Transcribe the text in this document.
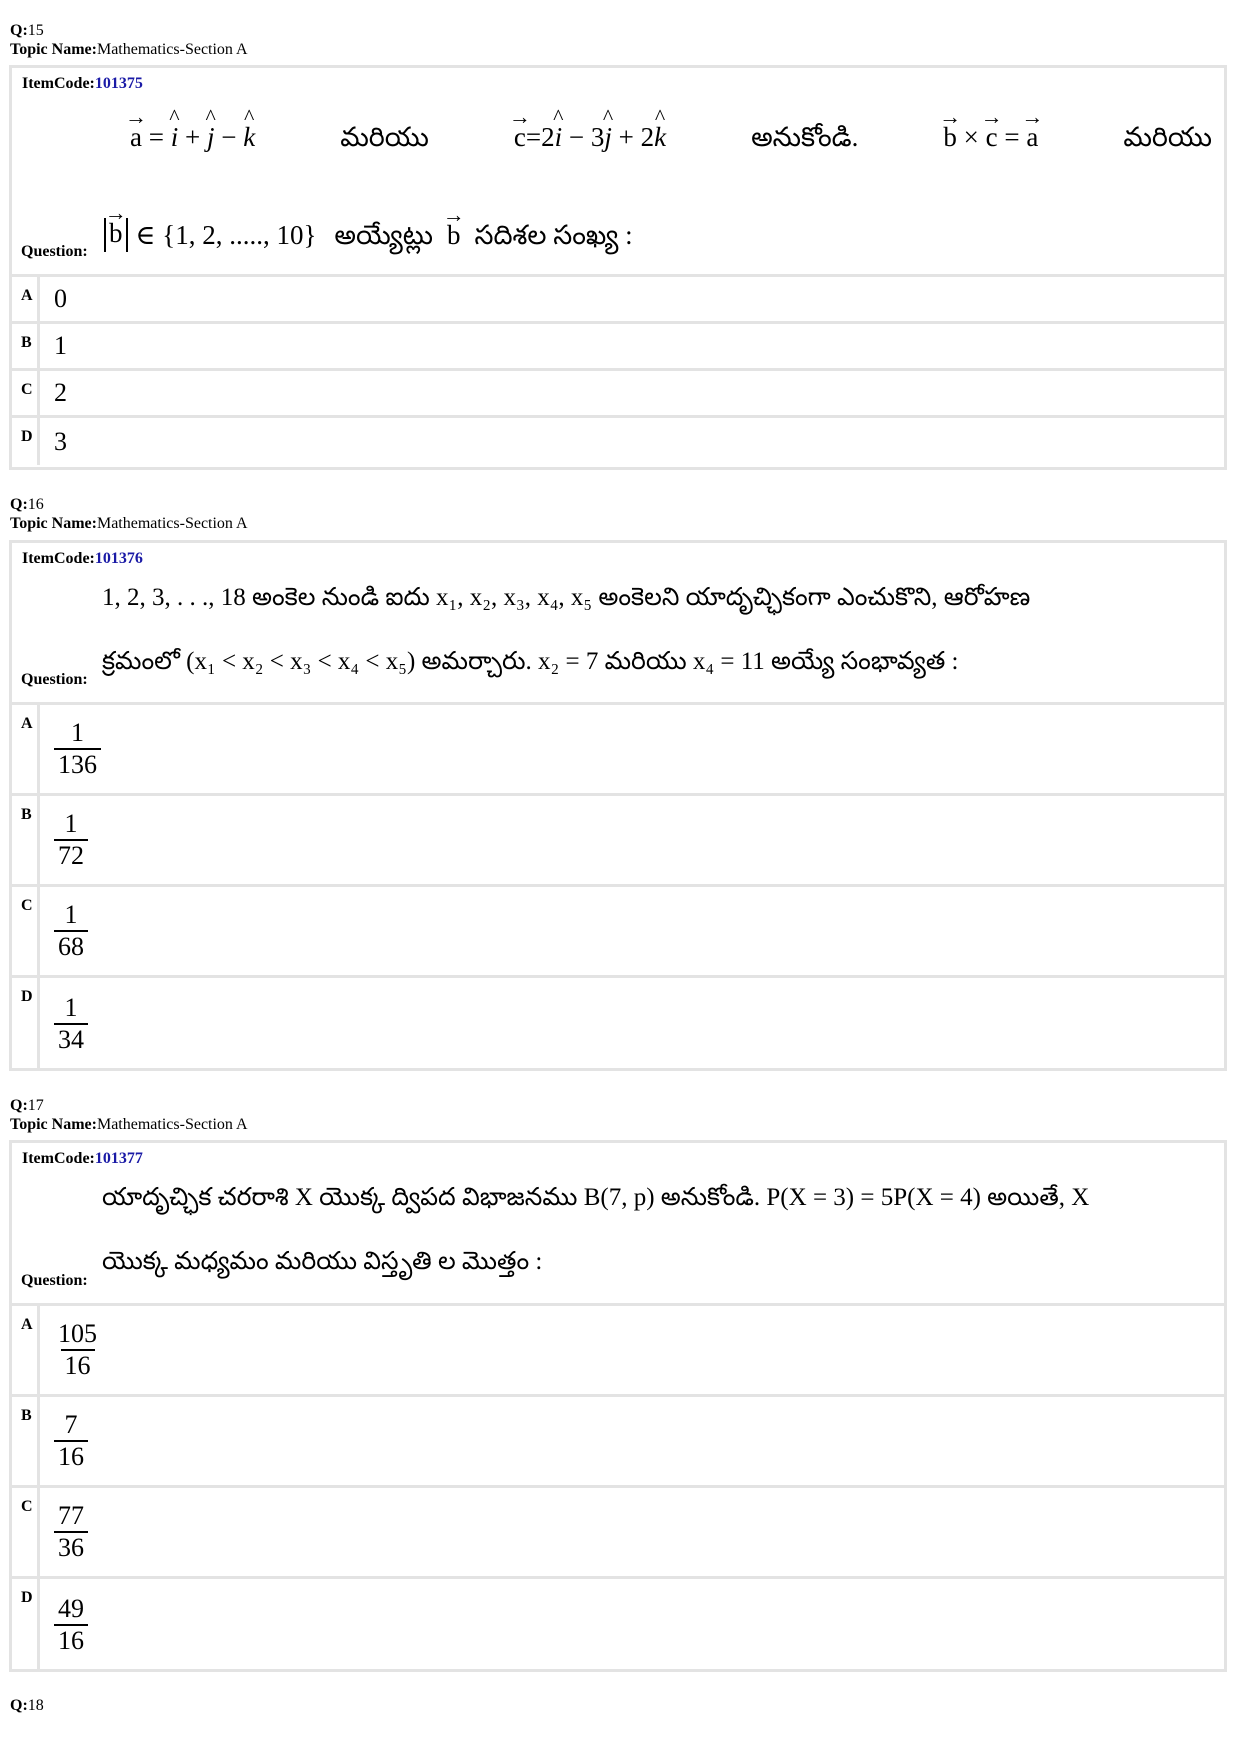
Q:15
Topic Name:Mathematics-Section A
ItemCode:101375
→ a = ^ i + ^ j − ^ k	మరియు	→ c=2^ i − 3^ j + 2^ k	అనుకోండి.	→ b × → c = → a	మరియు
→ b ∈ {1, 2, ....., 10} అయ్యేట్లు → b సదిశల సంఖ్య :
Question:
A 0
B 1
C 2
D 3
Q:16
Topic Name:Mathematics-Section A
ItemCode:101376
1, 2, 3, . . ., 18 అంకెల నుండి ఐదు x₁, x₂, x₃, x₄, x₅ అంకెలని యాదృచ్ఛికంగా ఎంచుకొని, ఆరోహణ
క్రమంలో (x₁ < x₂ < x₃ < x₄ < x₅) అమర్చారు. x₂ = 7 మరియు x₄ = 11 అయ్యే సంభావ్యత :
Question:
A $\frac{1}{136}$
B $\frac{1}{72}$
C $\frac{1}{68}$
D $\frac{1}{34}$
Q:17
Topic Name:Mathematics-Section A
ItemCode:101377
యాదృచ్ఛిక చరరాశి X యొక్క ద్విపద విభాజనము B(7, p) అనుకోండి. P(X = 3) = 5P(X = 4) అయితే, X
యొక్క మధ్యమం మరియు విస్తృతి ల మొత్తం :
Question:
A $\frac{105}{16}$
B $\frac{7}{16}$
C $\frac{77}{36}$
D $\frac{49}{16}$
Q:18
